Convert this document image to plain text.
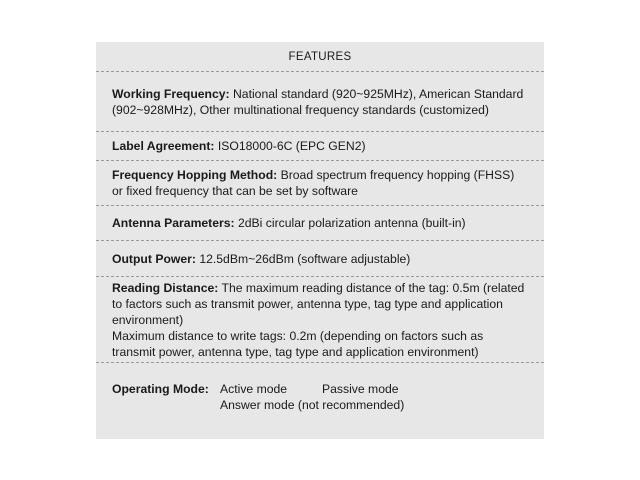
FEATURES
Working Frequency: National standard (920~925MHz), American Standard (902~928MHz), Other multinational frequency standards (customized)
Label Agreement: ISO18000-6C (EPC GEN2)
Frequency Hopping Method: Broad spectrum frequency hopping (FHSS) or fixed frequency that can be set by software
Antenna Parameters: 2dBi circular polarization antenna (built-in)
Output Power: 12.5dBm~26dBm (software adjustable)
Reading Distance: The maximum reading distance of the tag: 0.5m (related to factors such as transmit power, antenna type, tag type and application environment)
Maximum distance to write tags: 0.2m (depending on factors such as transmit power, antenna type, tag type and application environment)
Operating Mode: Active mode	Passive mode
Answer mode (not recommended)
